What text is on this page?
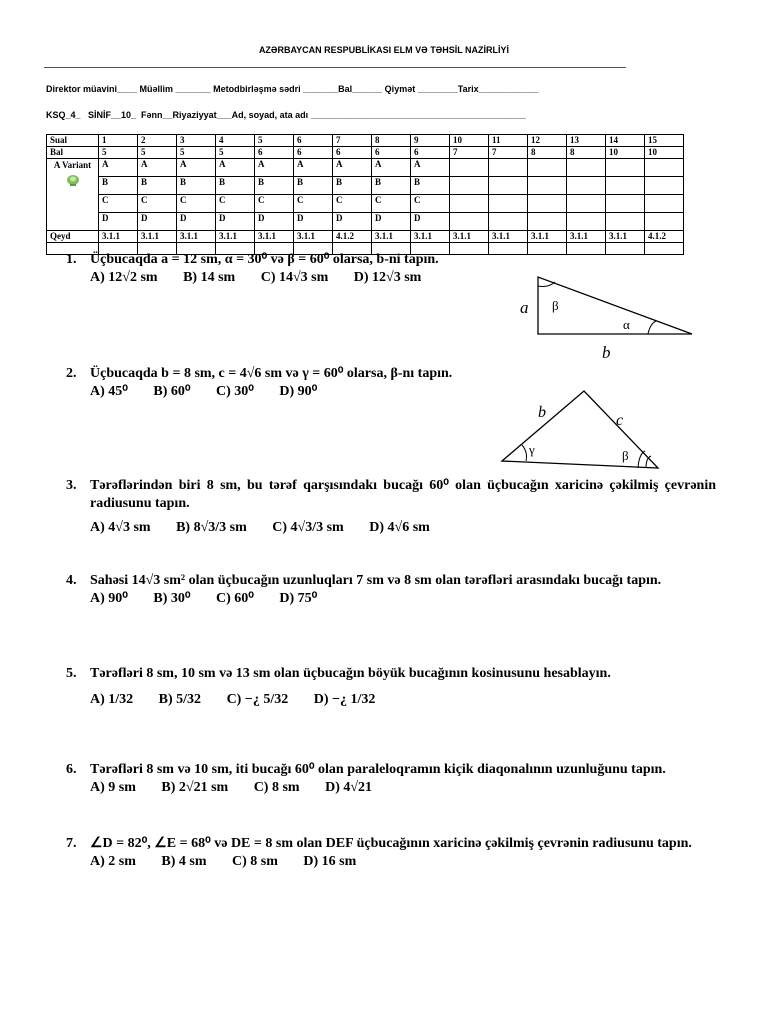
AZƏRBAYCAN RESPUBLİKASI ELM VƏ TƏHSİL NAZİRLİYİ
Direktor müavini____ Müəllim _______ Metodbirləşmə sədri _______Bal______ Qiymət ________Tarix____________
KSQ_4_   SİNİF__10_  Fənn__Riyaziyyat___Ad, soyad, ata adı ___________________________________________
Sual	1	2	3	4	5	6	7	8	9	10	11	12	13	14	15
Bal	5	5	5	5	6	6	6	6	6	7	7	8	8	10	10
A Variant	A	A	A	A	A	A	A	A	A						
	B	B	B	B	B	B	B	B	B						
	C	C	C	C	C	C	C	C	C						
	D	D	D	D	D	D	D	D	D						
Qeyd	3.1.1	3.1.1	3.1.1	3.1.1	3.1.1	3.1.1	4.1.2	3.1.1	3.1.1	3.1.1	3.1.1	3.1.1	3.1.1	3.1.1	4.1.2

1. Üçbucaqda a = 12 sm, α = 30⁰ və β = 60⁰ olarsa, b-ni tapın.
A) 12√2 sm B) 14 sm C) 14√3 sm D) 12√3 sm
a β
α
b
2. Üçbucaqda b = 8 sm, c = 4√6 sm və γ = 60⁰ olarsa, β-nı tapın.
A) 45⁰ B) 60⁰ C) 30⁰ D) 90⁰
b	c
γ	β
3. Tərəflərindən biri 8 sm, bu tərəf qarşısındakı bucağı 60⁰ olan üçbucağın xaricinə çəkilmiş çevrənin radiusunu tapın.
A) 4√3 sm B) 8√3/3 sm C) 4√3/3 sm D) 4√6 sm
4. Sahəsi 14√3 sm² olan üçbucağın uzunluqları 7 sm və 8 sm olan tərəfləri arasındakı bucağı tapın.
A) 90⁰ B) 30⁰ C) 60⁰ D) 75⁰
5. Tərəfləri 8 sm, 10 sm və 13 sm olan üçbucağın böyük bucağının kosinusunu hesablayın.
A) 1/32 B) 5/32 C) −¿ 5/32 D) −¿ 1/32
6. Tərəfləri 8 sm və 10 sm, iti bucağı 60⁰ olan paraleloqramın kiçik diaqonalının uzunluğunu tapın.
A) 9 sm B) 2√21 sm C) 8 sm D) 4√21
7. ∠D = 82⁰, ∠E = 68⁰ və DE = 8 sm olan DEF üçbucağının xaricinə çəkilmiş çevrənin radiusunu tapın.
A) 2 sm B) 4 sm C) 8 sm D) 16 sm
